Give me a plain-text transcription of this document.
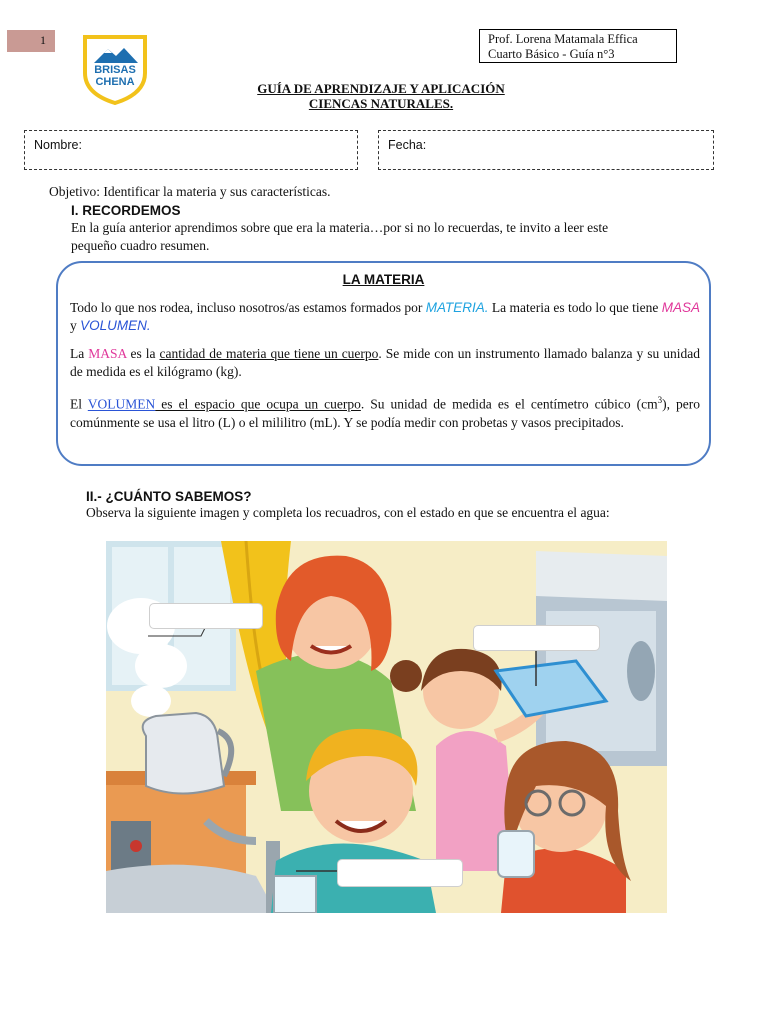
1
BRISAS
CHENA
Prof. Lorena Matamala Effica
Cuarto Básico - Guía n°3
GUÍA DE APRENDIZAJE Y APLICACIÓN
CIENCAS NATURALES.
Nombre:	Fecha:
Objetivo: Identificar la materia y sus características.
I. RECORDEMOS
En la guía anterior aprendimos sobre que era la materia…por si no lo recuerdas, te invito a leer este
pequeño cuadro resumen.
LA MATERIA
Todo lo que nos rodea, incluso nosotros/as estamos formados por MATERIA. La materia es todo lo que tiene MASA y VOLUMEN.
La MASA es la cantidad de materia que tiene un cuerpo. Se mide con un instrumento llamado balanza y su unidad de medida es el kilógramo (kg).
El VOLUMEN es el espacio que ocupa un cuerpo. Su unidad de medida es el centímetro cúbico $(cm^3)$, pero comúnmente se usa el litro (L) o el mililitro (mL). Y se podía medir con probetas y vasos precipitados.
II.- ¿CUÁNTO SABEMOS?
Observa la siguiente imagen y completa los recuadros, con el estado en que se encuentra el agua:
